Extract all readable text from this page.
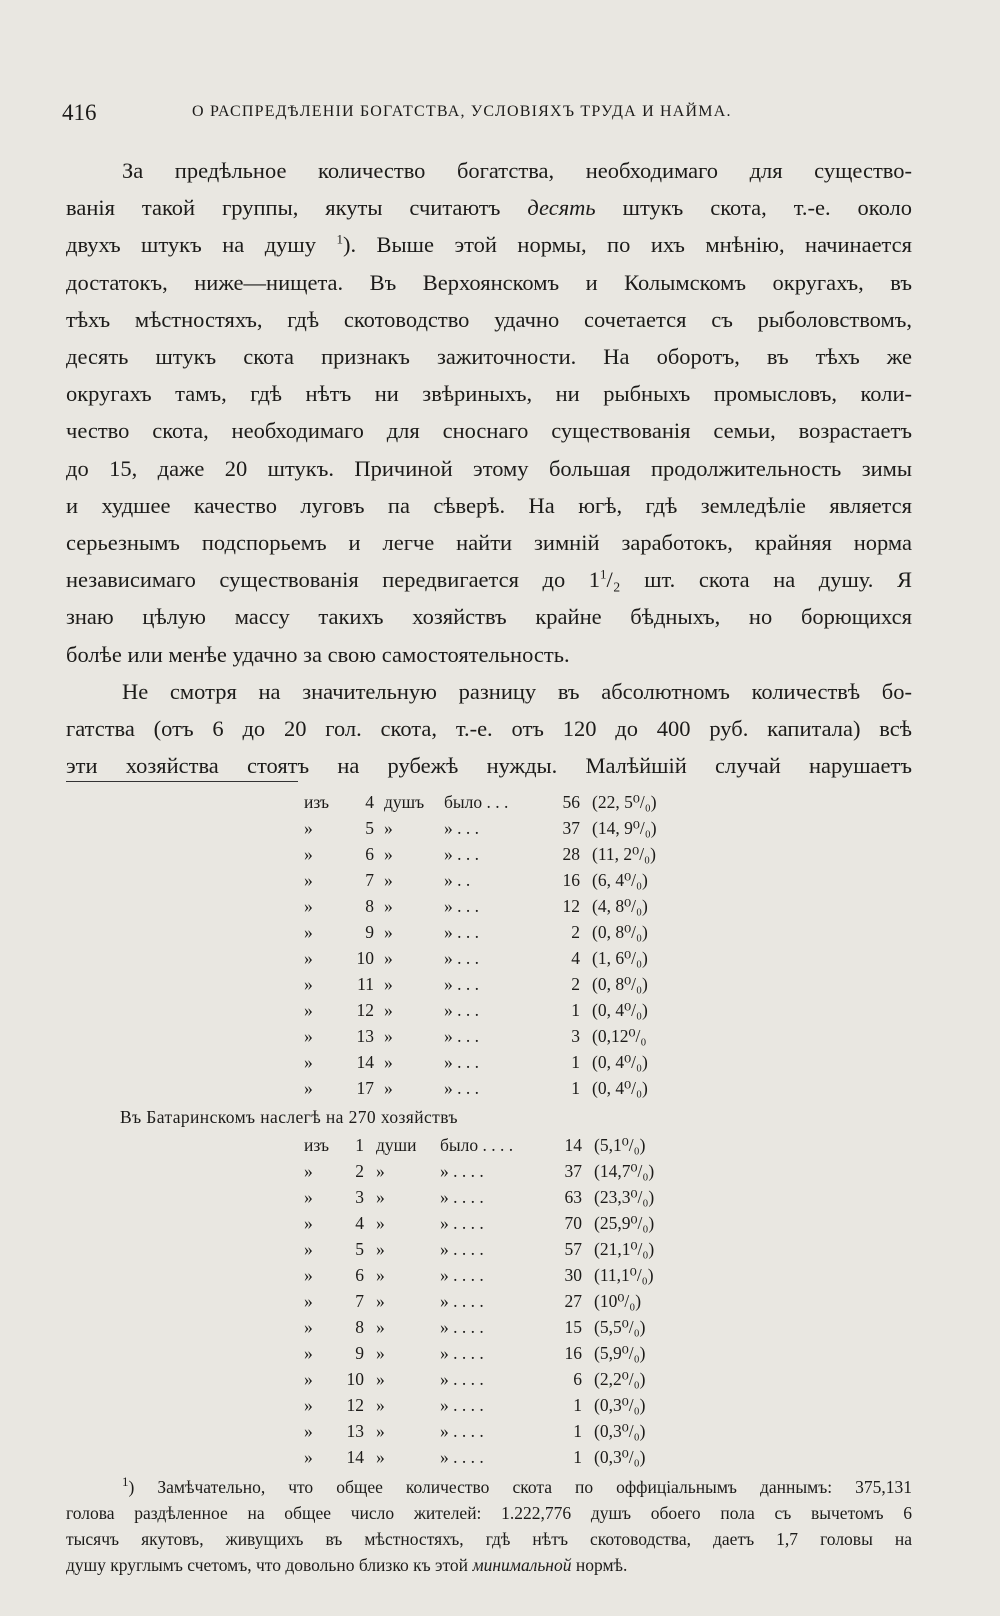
416	О РАСПРЕДѢЛЕНІИ БОГАТСТВА, УСЛОВІЯХЪ ТРУДА И НАЙМА.
За предѣльное количество богатства, необходимаго для существо-
ванія такой группы, якуты считаютъ десять штукъ скота, т.-е. около
двухъ штукъ на душу $^1$). Выше этой нормы, по ихъ мнѣнію, начинается
достатокъ, ниже—нищета. Въ Верхоянскомъ и Колымскомъ округахъ, въ
тѣхъ мѣстностяхъ, гдѣ скотоводство удачно сочетается съ рыболовствомъ,
десять штукъ скота признакъ зажиточности. На оборотъ, въ тѣхъ же
округахъ тамъ, гдѣ нѣтъ ни звѣриныхъ, ни рыбныхъ промысловъ, коли-
чество скота, необходимаго для сноснаго существованія семьи, возрастаетъ
до 15, даже 20 штукъ. Причиной этому большая продолжительность зимы
и худшее качество луговъ па сѣверѣ. На югѣ, гдѣ земледѣліе является
серьезнымъ подспорьемъ и легче найти зимній заработокъ, крайняя норма
независимаго существованія передвигается до $1^1/_2$ шт. скота на душу. Я
знаю цѣлую массу такихъ хозяйствъ крайне бѣдныхъ, но борющихся
болѣе или менѣе удачно за свою самостоятельность.
Не смотря на значительную разницу въ абсолютномъ количествѣ бо-
гатства (отъ 6 до 20 гол. скота, т.-е. отъ 120 до 400 руб. капитала) всѣ
эти хозяйства стоятъ на рубежѣ нужды. Малѣйшій случай нарушаетъ
изъ	4 душъ было . . .	56 (22, 5⁰/₀)
»	5 »	» . . .	37 (14, 9⁰/₀)
»	6 »	» . . .	28 (11, 2⁰/₀)
»	7 »	» . .	16 (6, 4⁰/₀)
»	8 »	» . . .	12 (4, 8⁰/₀)
»	9 »	» . . .	2 (0, 8⁰/₀)
»	10 »	» . . .	4 (1, 6⁰/₀)
»	11 »	» . . .	2 (0, 8⁰/₀)
»	12 »	» . . .	1 (0, 4⁰/₀)
»	13 »	» . . .	3 (0,12⁰/₀
»	14 »	» . . .	1 (0, 4⁰/₀)
»	17 »	» . . .	1 (0, 4⁰/₀)
Въ Батаринскомъ наслегѣ на 270 хозяйствъ
изъ	1 души было . . . .	14 (5,1⁰/₀)
»	2 »	» . . . .	37 (14,7⁰/₀)
»	3 »	» . . . .	63 (23,3⁰/₀)
»	4 »	» . . . .	70 (25,9⁰/₀)
»	5 »	» . . . .	57 (21,1⁰/₀)
»	6 »	» . . . .	30 (11,1⁰/₀)
»	7 »	» . . . .	27 (10⁰/₀)
»	8 »	» . . . .	15 (5,5⁰/₀)
»	9 »	» . . . .	16 (5,9⁰/₀)
»	10 »	» . . . .	6 (2,2⁰/₀)
»	12 »	» . . . .	1 (0,3⁰/₀)
»	13 »	» . . . .	1 (0,3⁰/₀)
»	14 »	» . . . .	1 (0,3⁰/₀)
$^1$) Замѣчательно, что общее количество скота по оффиціальнымъ даннымъ: 375,131
голова раздѣленное на общее число жителей: 1.222,776 душъ обоего пола съ вычетомъ 6
тысячъ якутовъ, живущихъ въ мѣстностяхъ, гдѣ нѣтъ скотоводства, даетъ 1,7 головы на
душу круглымъ счетомъ, что довольно близко къ этой минимальной нормѣ.
